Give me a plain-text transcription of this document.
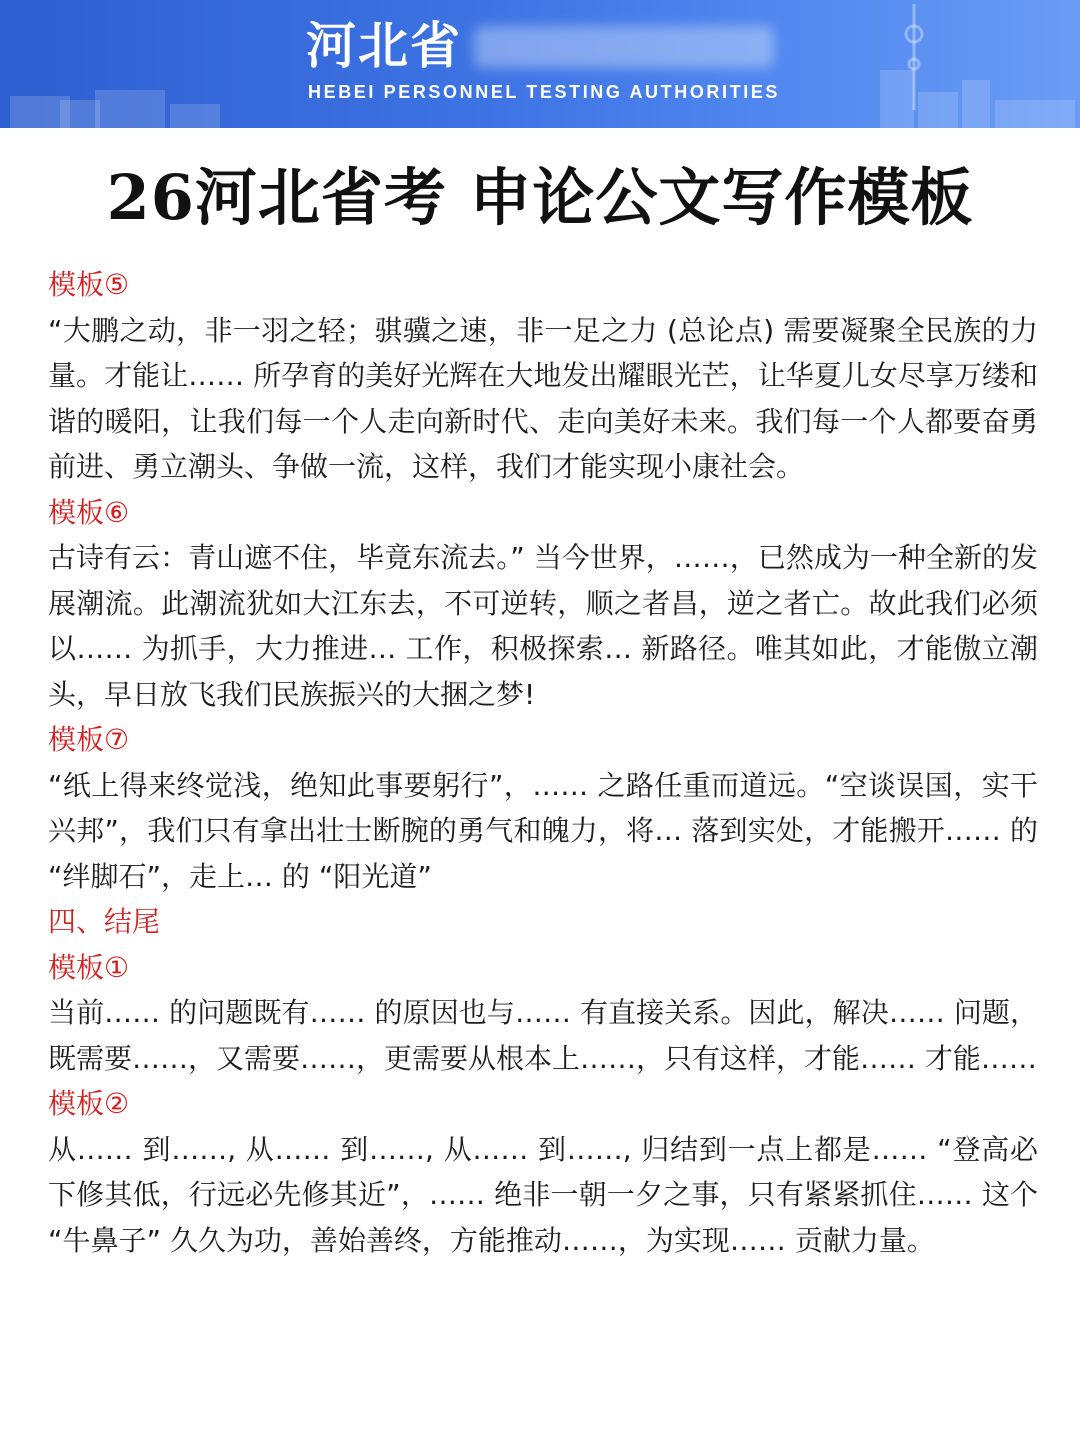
河北省
HEBEI PERSONNEL TESTING AUTHORITIES
26河北省考 申论公文写作模板
模板⑤
“大鹏之动，非一羽之轻；骐骥之速，非一足之力 (总论点) 需要凝聚全民族的力量。才能让…… 所孕育的美好光辉在大地发出耀眼光芒，让华夏儿女尽享万缕和谐的暖阳，让我们每一个人走向新时代、走向美好未来。我们每一个人都要奋勇前进、勇立潮头、争做一流，这样，我们才能实现小康社会。
模板⑥
古诗有云：青山遮不住，毕竟东流去。” 当今世界，……，已然成为一种全新的发展潮流。此潮流犹如大江东去，不可逆转，顺之者昌，逆之者亡。故此我们必须以…… 为抓手，大力推进… 工作，积极探索… 新路径。唯其如此，才能傲立潮头，早日放飞我们民族振兴的大捆之梦!
模板⑦
“纸上得来终觉浅，绝知此事要躬行”，…… 之路任重而道远。“空谈误国，实干兴邦”，我们只有拿出壮士断腕的勇气和魄力，将… 落到实处，才能搬开…… 的 “绊脚石”，走上… 的 “阳光道”
四、结尾
模板①
当前…… 的问题既有…… 的原因也与…… 有直接关系。因此，解决…… 问题，既需要……，又需要……，更需要从根本上……，只有这样，才能…… 才能……
模板②
从…… 到……, 从…… 到……, 从…… 到……, 归结到一点上都是…… “登高必下修其低，行远必先修其近”，…… 绝非一朝一夕之事，只有紧紧抓住…… 这个 “牛鼻子” 久久为功，善始善终，方能推动……，为实现…… 贡献力量。
